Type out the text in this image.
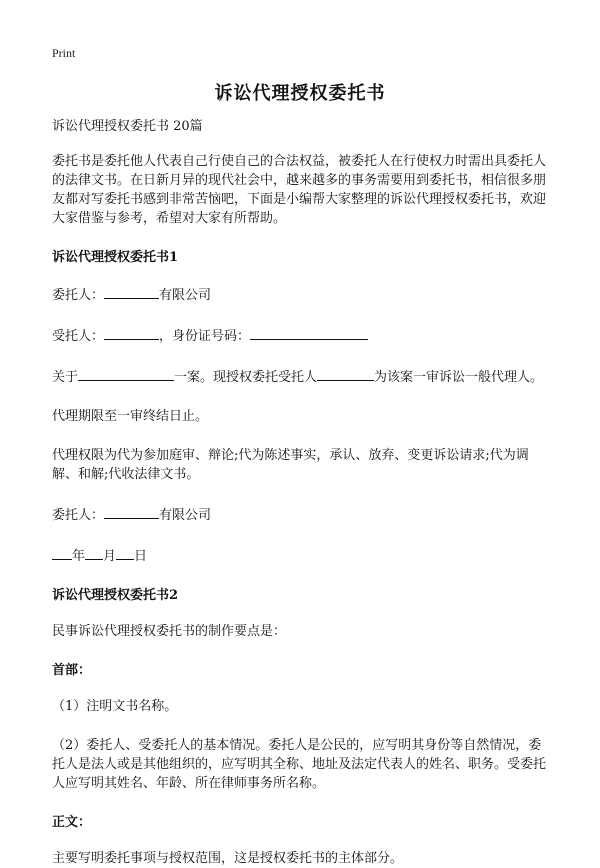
Print
诉讼代理授权委托书

诉讼代理授权委托书 20篇

委托书是委托他人代表自己行使自己的合法权益，被委托人在行使权力时需出具委托人的法律文书。在日新月异的现代社会中，越来越多的事务需要用到委托书，相信很多朋友都对写委托书感到非常苦恼吧，下面是小编帮大家整理的诉讼代理授权委托书，欢迎大家借鉴与参考，希望对大家有所帮助。

诉讼代理授权委托书1

委托人：	有限公司

受托人：	，身份证号码：

关于	一案。现授权委托受托人	为该案一审诉讼一般代理人。

代理期限至一审终结日止。

代理权限为代为参加庭审、辩论;代为陈述事实，承认、放弃、变更诉讼请求;代为调解、和解;代收法律文书。

委托人：	有限公司

年 月 日

诉讼代理授权委托书2

民事诉讼代理授权委托书的制作要点是：

首部：

（1）注明文书名称。

（2）委托人、受委托人的基本情况。委托人是公民的，应写明其身份等自然情况，委托人是法人或是其他组织的，应写明其全称、地址及法定代表人的姓名、职务。受委托人应写明其姓名、年龄、所在律师事务所名称。

正文：

主要写明委托事项与授权范围，这是授权委托书的主体部分。
